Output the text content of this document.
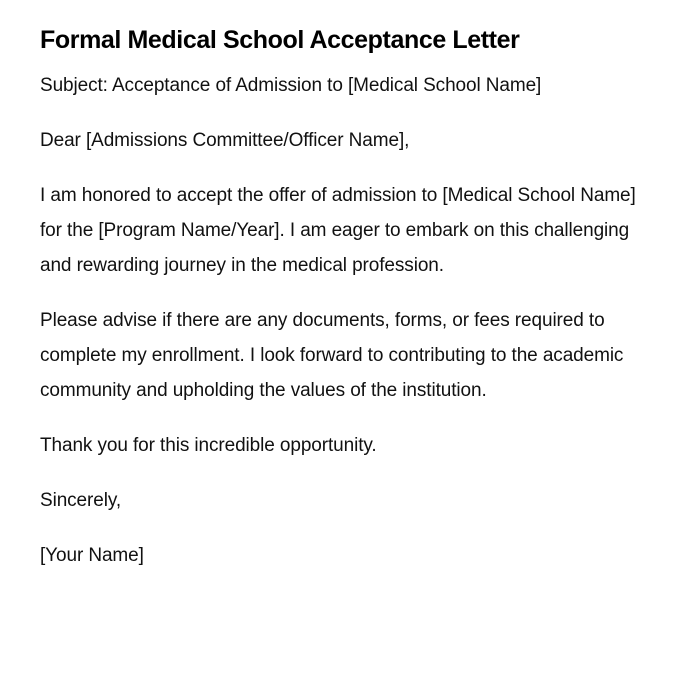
Formal Medical School Acceptance Letter

Subject: Acceptance of Admission to [Medical School Name]

Dear [Admissions Committee/Officer Name],

I am honored to accept the offer of admission to [Medical School Name] for the [Program Name/Year]. I am eager to embark on this challenging and rewarding journey in the medical profession.

Please advise if there are any documents, forms, or fees required to complete my enrollment. I look forward to contributing to the academic community and upholding the values of the institution.

Thank you for this incredible opportunity.

Sincerely,

[Your Name]
